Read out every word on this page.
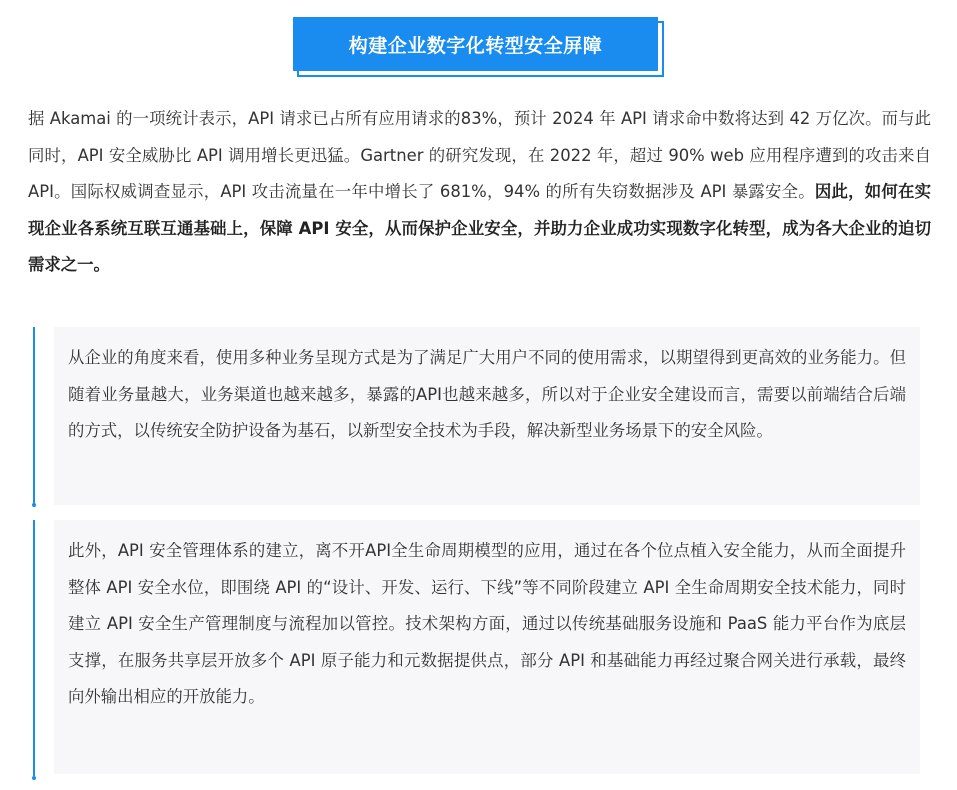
构建企业数字化转型安全屏障
据 Akamai 的一项统计表示，API 请求已占所有应用请求的83%，预计 2024 年 API 请求命中数将达到 42 万亿次。而与此同时，API 安全威胁比 API 调用增长更迅猛。Gartner 的研究发现，在 2022 年，超过 90% web 应用程序遭到的攻击来自 API。国际权威调查显示，API 攻击流量在一年中增长了 681%，94% 的所有失窃数据涉及 API 暴露安全。因此，如何在实现企业各系统互联互通基础上，保障 API 安全，从而保护企业安全，并助力企业成功实现数字化转型，成为各大企业的迫切需求之一。
从企业的角度来看，使用多种业务呈现方式是为了满足广大用户不同的使用需求，以期望得到更高效的业务能力。但随着业务量越大，业务渠道也越来越多，暴露的API也越来越多，所以对于企业安全建设而言，需要以前端结合后端的方式，以传统安全防护设备为基石，以新型安全技术为手段，解决新型业务场景下的安全风险。
此外，API 安全管理体系的建立，离不开API全生命周期模型的应用，通过在各个位点植入安全能力，从而全面提升整体 API 安全水位，即围绕 API 的“设计、开发、运行、下线”等不同阶段建立 API 全生命周期安全技术能力，同时建立 API 安全生产管理制度与流程加以管控。技术架构方面，通过以传统基础服务设施和 PaaS 能力平台作为底层支撑，在服务共享层开放多个 API 原子能力和元数据提供点，部分 API 和基础能力再经过聚合网关进行承载，最终向外输出相应的开放能力。
